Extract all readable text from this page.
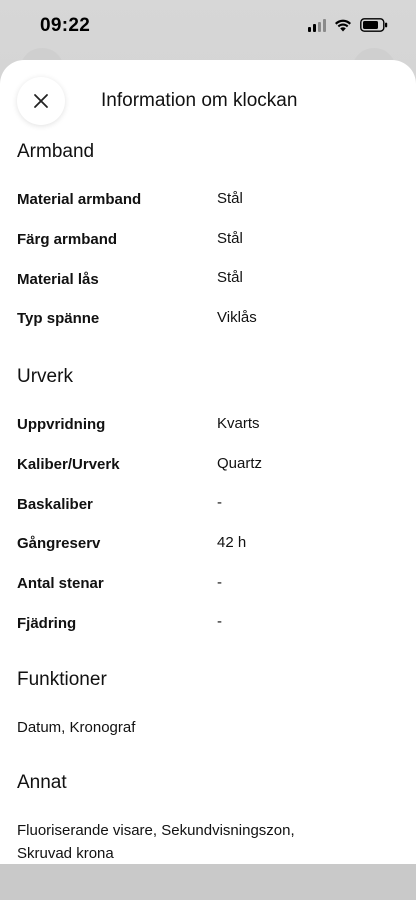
09:22
Information om klockan
Armband
Material armband	Stål
Färg armband	Stål
Material lås	Stål
Typ spänne	Viklås
Urverk
Uppvridning	Kvarts
Kaliber/Urverk	Quartz
Baskaliber	-
Gångreserv	42 h
Antal stenar	-
Fjädring	-
Funktioner
Datum, Kronograf
Annat
Fluoriserande visare, Sekundvisningszon,
Skruvad krona
